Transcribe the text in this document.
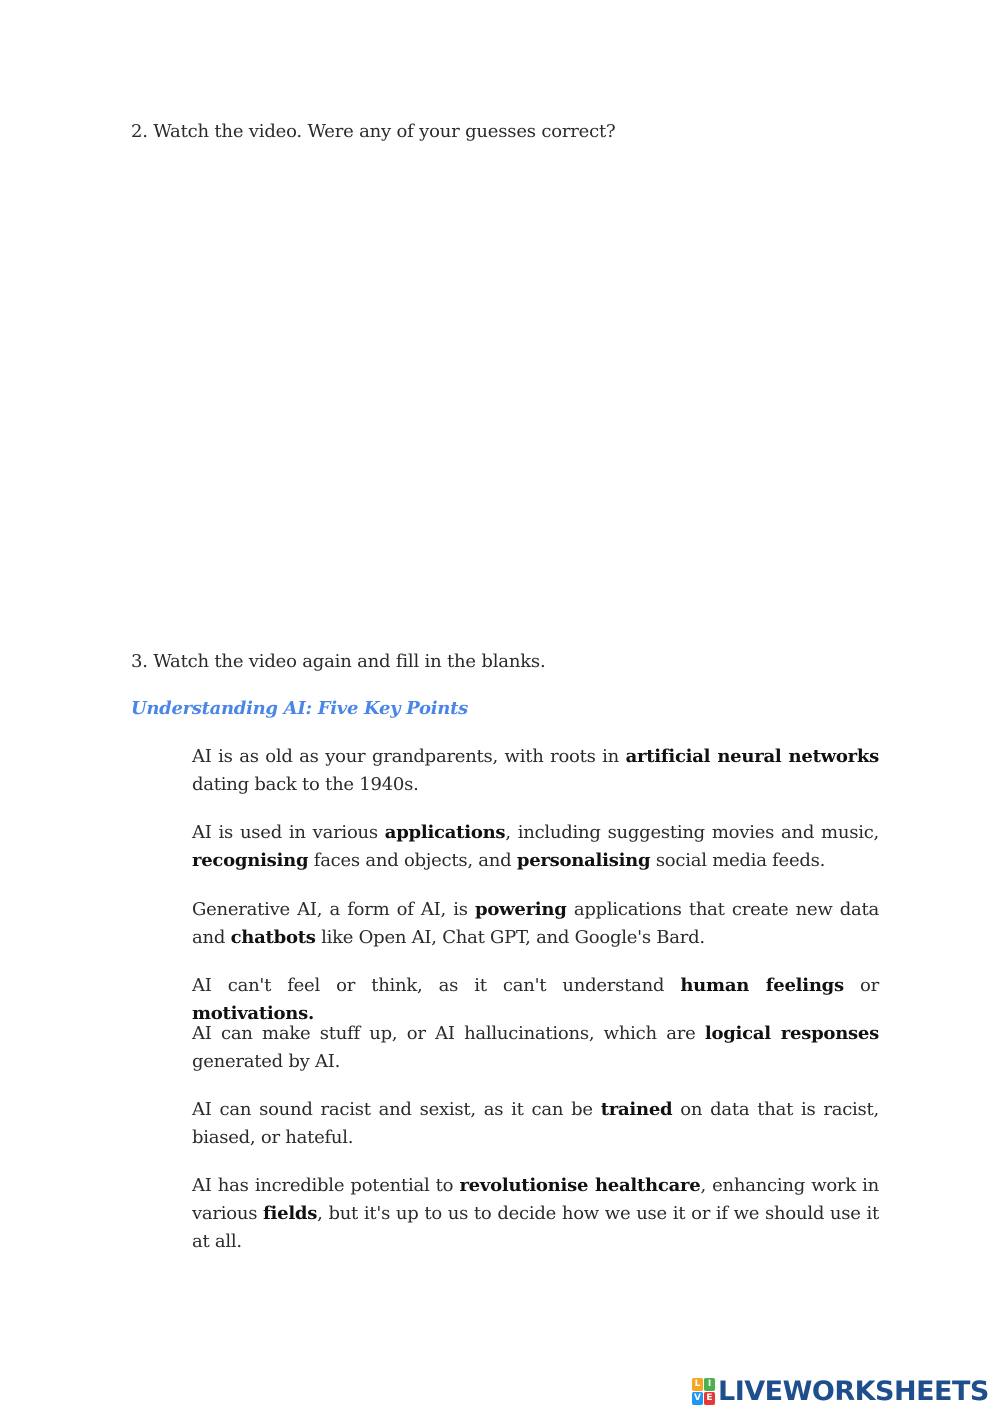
2. Watch the video. Were any of your guesses correct?

3. Watch the video again and fill in the blanks.

Understanding AI: Five Key Points

AI is as old as your grandparents, with roots in artificial neural networks dating back to the 1940s.

AI is used in various applications, including suggesting movies and music, recognising faces and objects, and personalising social media feeds.

Generative AI, a form of AI, is powering applications that create new data and chatbots like Open AI, Chat GPT, and Google's Bard.

AI can't feel or think, as it can't understand human feelings or motivations.

AI can make stuff up, or AI hallucinations, which are logical responses generated by AI.

AI can sound racist and sexist, as it can be trained on data that is racist, biased, or hateful.

AI has incredible potential to revolutionise healthcare, enhancing work in various fields, but it's up to us to decide how we use it or if we should use it at all.

L I
V E LIVEWORKSHEETS
